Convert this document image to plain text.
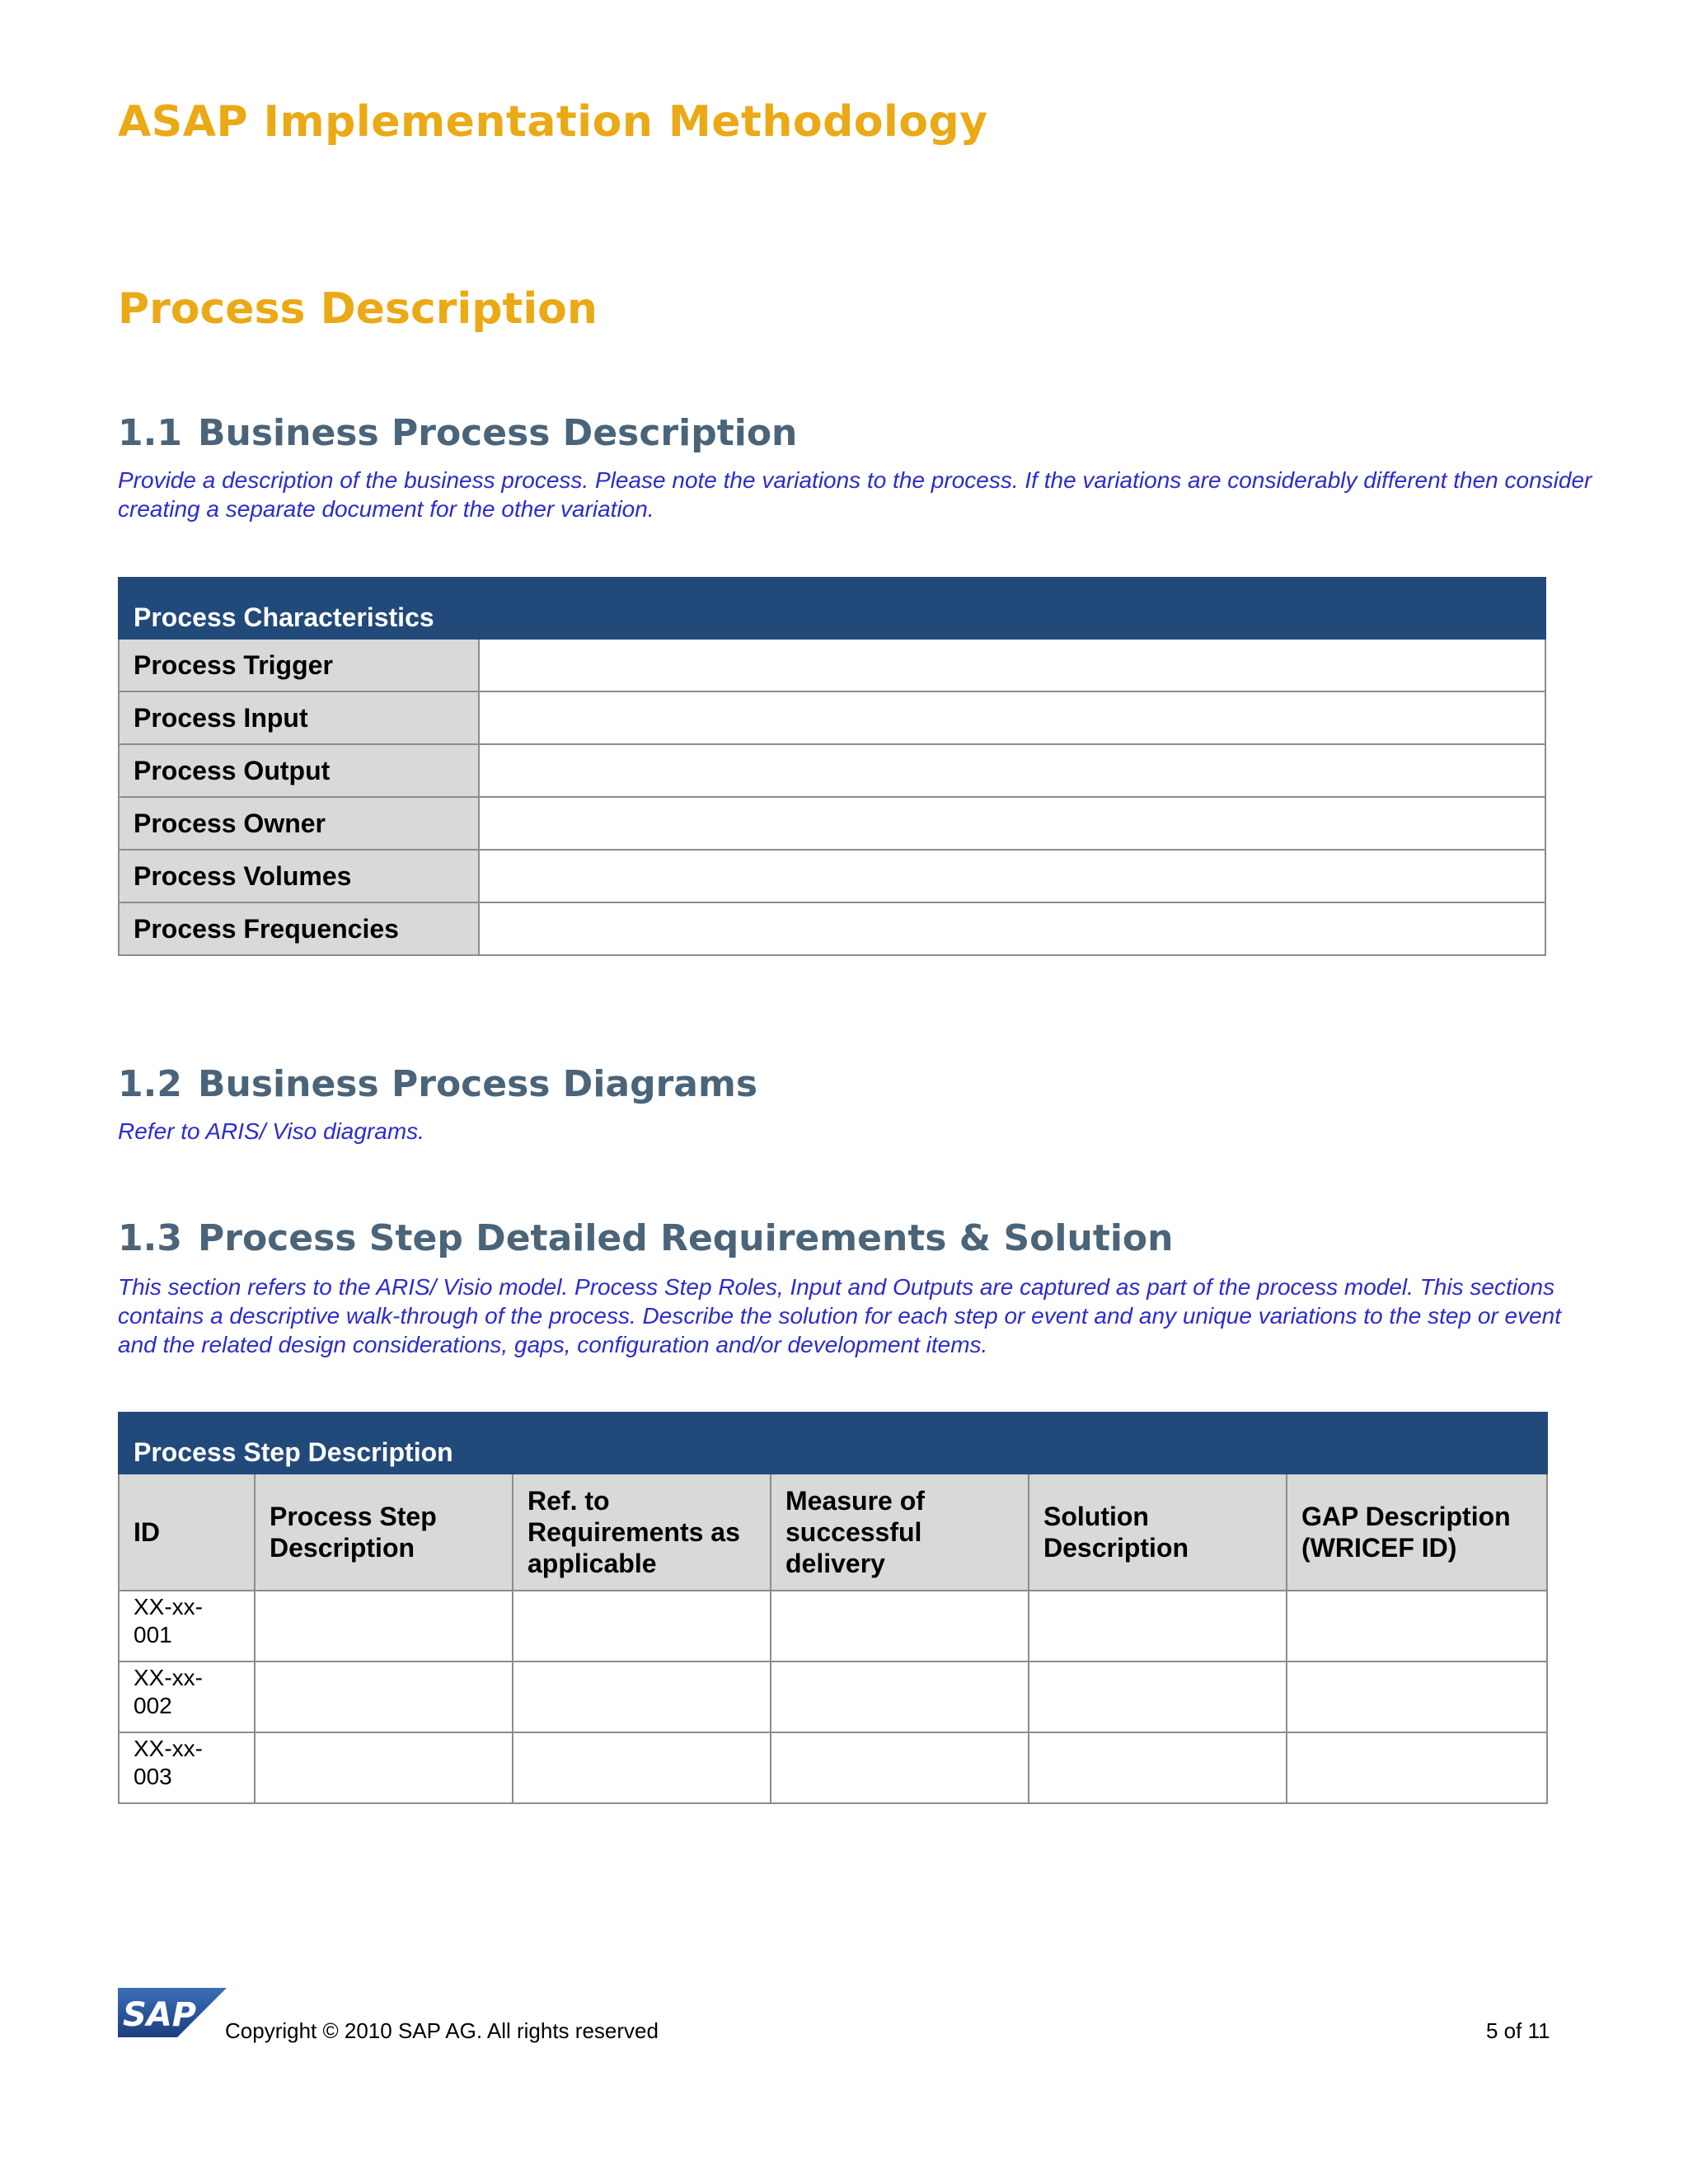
ASAP Implementation Methodology
Process Description
1.1 Business Process Description

Provide a description of the business process. Please note the variations to the process. If the variations are considerably different then consider creating a separate document for the other variation.

Process Characteristics	
Process Trigger	
Process Input	
Process Output	
Process Owner	
Process Volumes	
Process Frequencies	
1.2 Business Process Diagrams

Refer to ARIS/ Viso diagrams.

1.3 Process Step Detailed Requirements & Solution

This section refers to the ARIS/ Visio model. Process Step Roles, Input and Outputs are captured as part of the process model. This sections contains a descriptive walk-through of the process. Describe the solution for each step or event and any unique variations to the step or event and the related design considerations, gaps, configuration and/or development items.

Process Step Description					
ID	Process Step Description	Ref. to Requirements as applicable	Measure of successful delivery	Solution Description	GAP Description (WRICEF ID)
XX-xx-001					
XX-xx-002					
XX-xx-003					
SAP Copyright © 2010 SAP AG. All rights reserved	5 of 11
